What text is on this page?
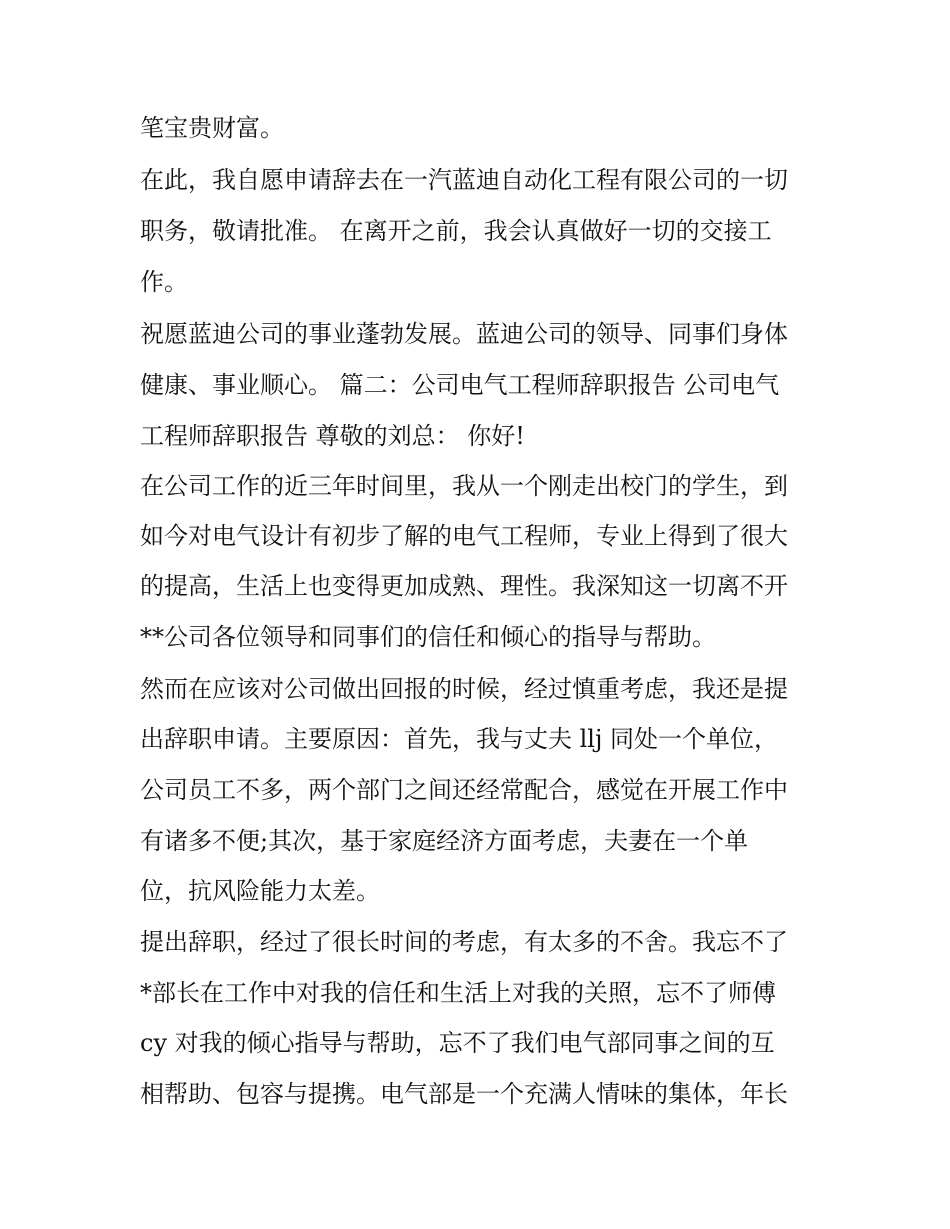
笔宝贵财富。
在此，我自愿申请辞去在一汽蓝迪自动化工程有限公司的一切
职务，敬请批准。 在离开之前，我会认真做好一切的交接工
作。
祝愿蓝迪公司的事业蓬勃发展。蓝迪公司的领导、同事们身体
健康、事业顺心。 篇二：公司电气工程师辞职报告 公司电气
工程师辞职报告 尊敬的刘总： 你好!
在公司工作的近三年时间里，我从一个刚走出校门的学生，到
如今对电气设计有初步了解的电气工程师，专业上得到了很大
的提高，生活上也变得更加成熟、理性。我深知这一切离不开
**公司各位领导和同事们的信任和倾心的指导与帮助。
然而在应该对公司做出回报的时候，经过慎重考虑，我还是提
出辞职申请。主要原因：首先，我与丈夫 llj 同处一个单位，
公司员工不多，两个部门之间还经常配合，感觉在开展工作中
有诸多不便;其次，基于家庭经济方面考虑，夫妻在一个单
位，抗风险能力太差。
提出辞职，经过了很长时间的考虑，有太多的不舍。我忘不了
*部长在工作中对我的信任和生活上对我的关照，忘不了师傅
cy 对我的倾心指导与帮助，忘不了我们电气部同事之间的互
相帮助、包容与提携。电气部是一个充满人情味的集体，年长
